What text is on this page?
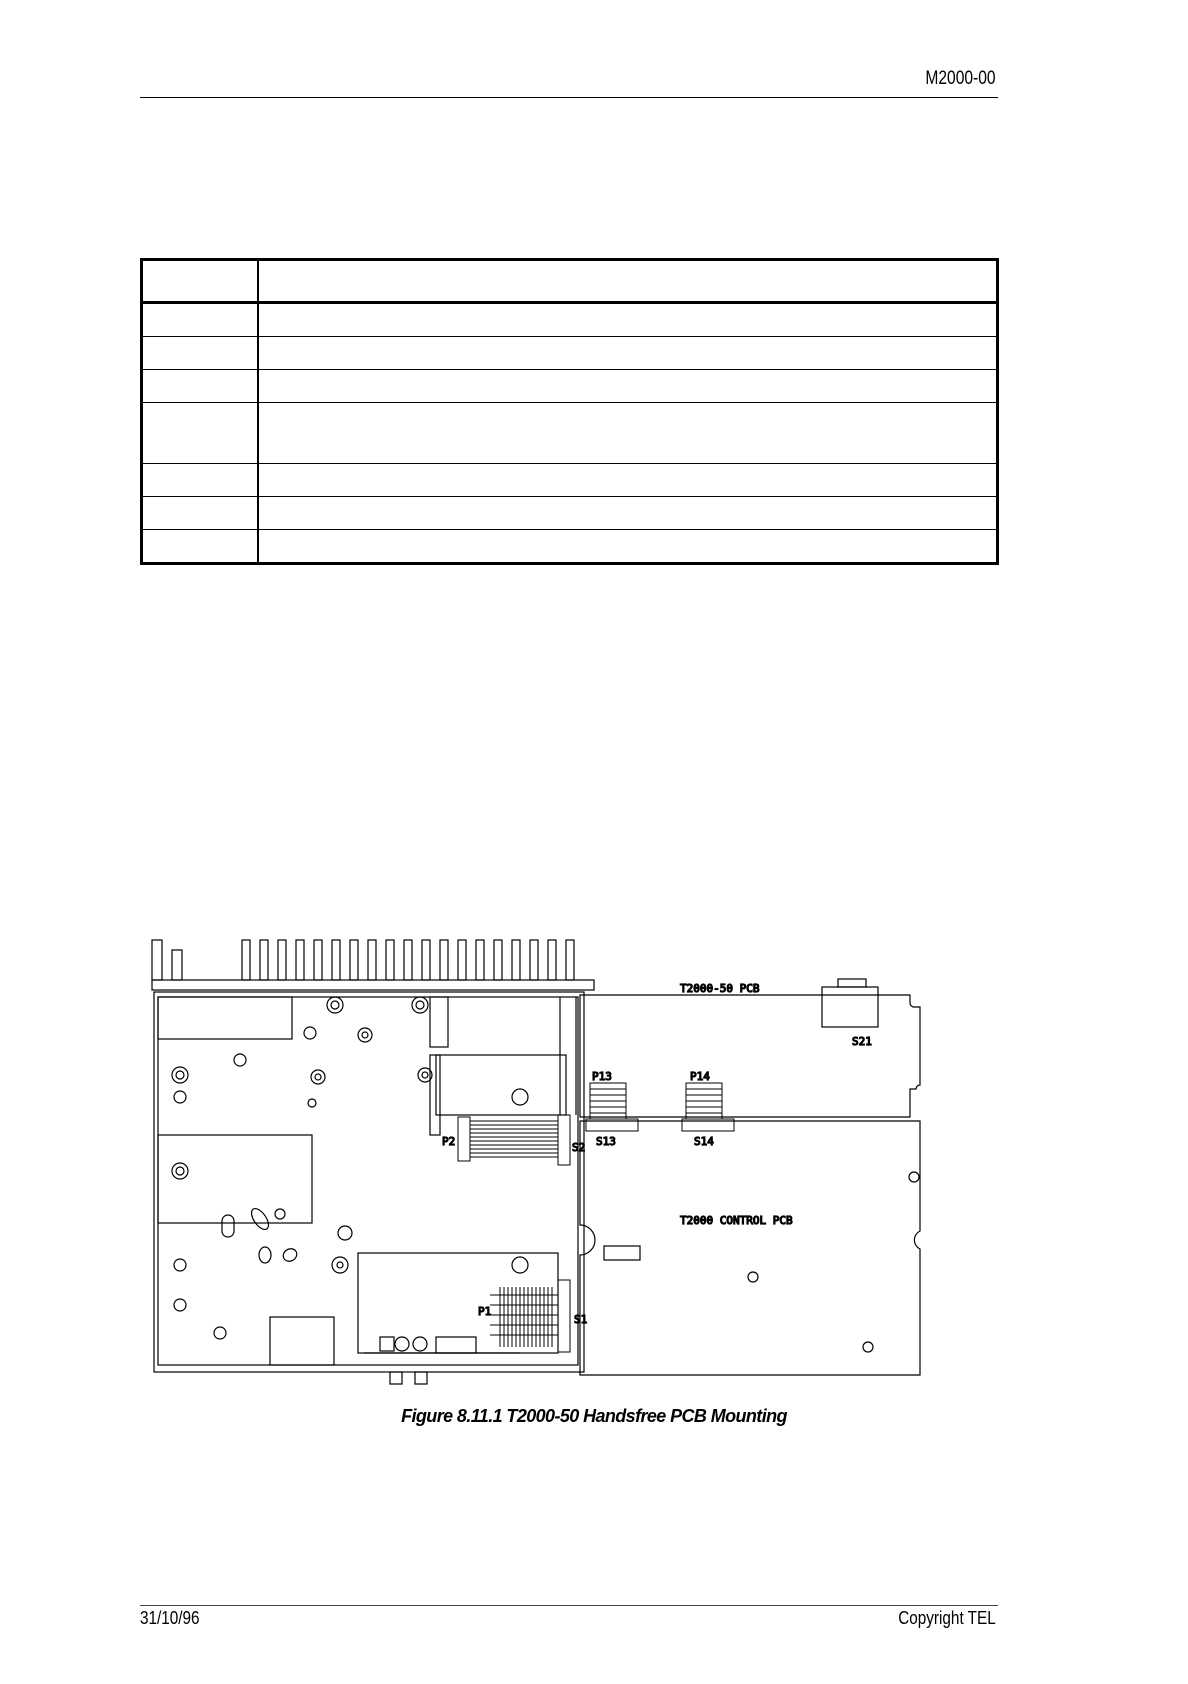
M2000-00

T2000-50 PCB
T2000 CONTROL PCB
P13	P14
S13	S14
S21
P2	S2
P1
S1
Figure 8.11.1 T2000-50 Handsfree PCB Mounting
31/10/96	Copyright TEL
